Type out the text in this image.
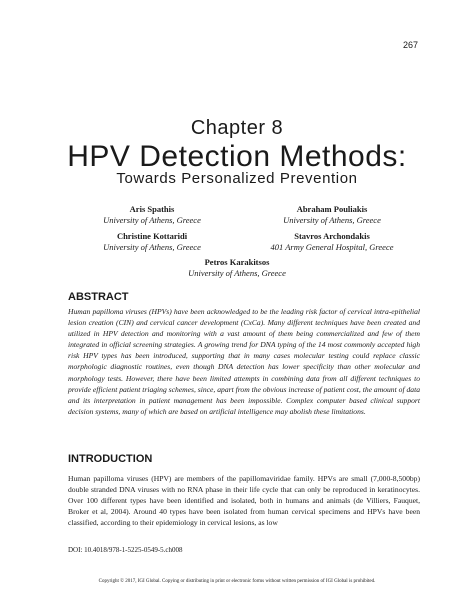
267
Chapter 8
HPV Detection Methods:
Towards Personalized Prevention
Aris Spathis
University of Athens, Greece
Abraham Pouliakis
University of Athens, Greece
Christine Kottaridi
University of Athens, Greece
Stavros Archondakis
401 Army General Hospital, Greece
Petros Karakitsos
University of Athens, Greece
ABSTRACT
Human papilloma viruses (HPVs) have been acknowledged to be the leading risk factor of cervical intra-epithelial lesion creation (CIN) and cervical cancer development (CxCa). Many different techniques have been created and utilized in HPV detection and monitoring with a vast amount of them being commercialized and few of them integrated in official screening strategies. A growing trend for DNA typing of the 14 most commonly accepted high risk HPV types has been introduced, supporting that in many cases molecular testing could replace classic morphologic diagnostic routines, even though DNA detection has lower specificity than other molecular and morphology tests. However, there have been limited attempts in combining data from all different techniques to provide efficient patient triaging schemes, since, apart from the obvious increase of patient cost, the amount of data and its interpretation in patient management has been impossible. Complex computer based clinical support decision systems, many of which are based on artificial intelligence may abolish these limitations.
INTRODUCTION
Human papilloma viruses (HPV) are members of the papillomaviridae family. HPVs are small (7,000-8,500bp) double stranded DNA viruses with no RNA phase in their life cycle that can only be reproduced in keratinocytes. Over 100 different types have been identified and isolated, both in humans and animals (de Villiers, Fauquet, Broker et al, 2004). Around 40 types have been isolated from human cervical specimens and HPVs have been classified, according to their epidemiology in cervical lesions, as low
DOI: 10.4018/978-1-5225-0549-5.ch008
Copyright © 2017, IGI Global. Copying or distributing in print or electronic forms without written permission of IGI Global is prohibited.
